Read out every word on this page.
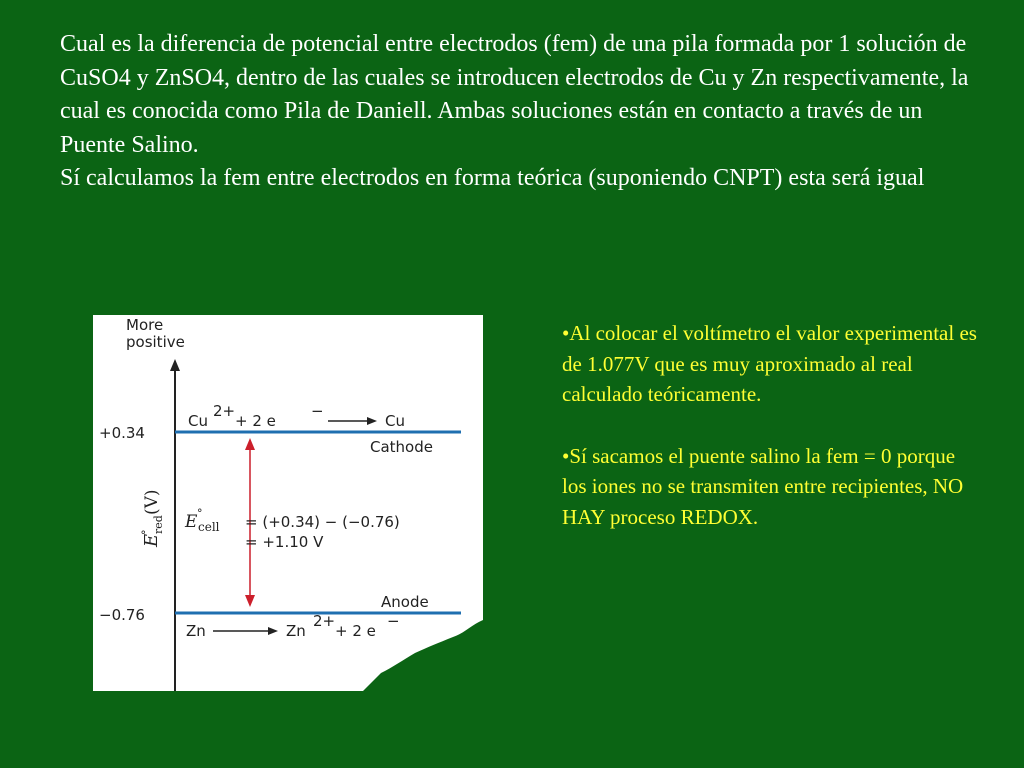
Cual es la diferencia de potencial entre electrodos (fem) de una pila formada por 1 solución de CuSO4 y ZnSO4, dentro de las cuales se introducen electrodos de Cu y Zn respectivamente, la cual es conocida como Pila de Daniell. Ambas soluciones están en contacto a través de un Puente Salino.

Sí calculamos la fem entre electrodos en forma teórica (suponiendo CNPT) esta será igual

More
positive
E
° red
(V)
+0.34
Cu
2+
+ 2 e
−
Cu
Cathode
−0.76
Anode
Zn	Zn
2+
+ 2 e
−
E °
cell = (+0.34) − (−0.76)
= +1.10 V

•Al colocar el voltímetro el valor experimental es de 1.077V que es muy aproximado al real calculado teóricamente.

•Sí sacamos el puente salino la fem = 0 porque los iones no se transmiten entre recipientes, NO HAY proceso REDOX.
